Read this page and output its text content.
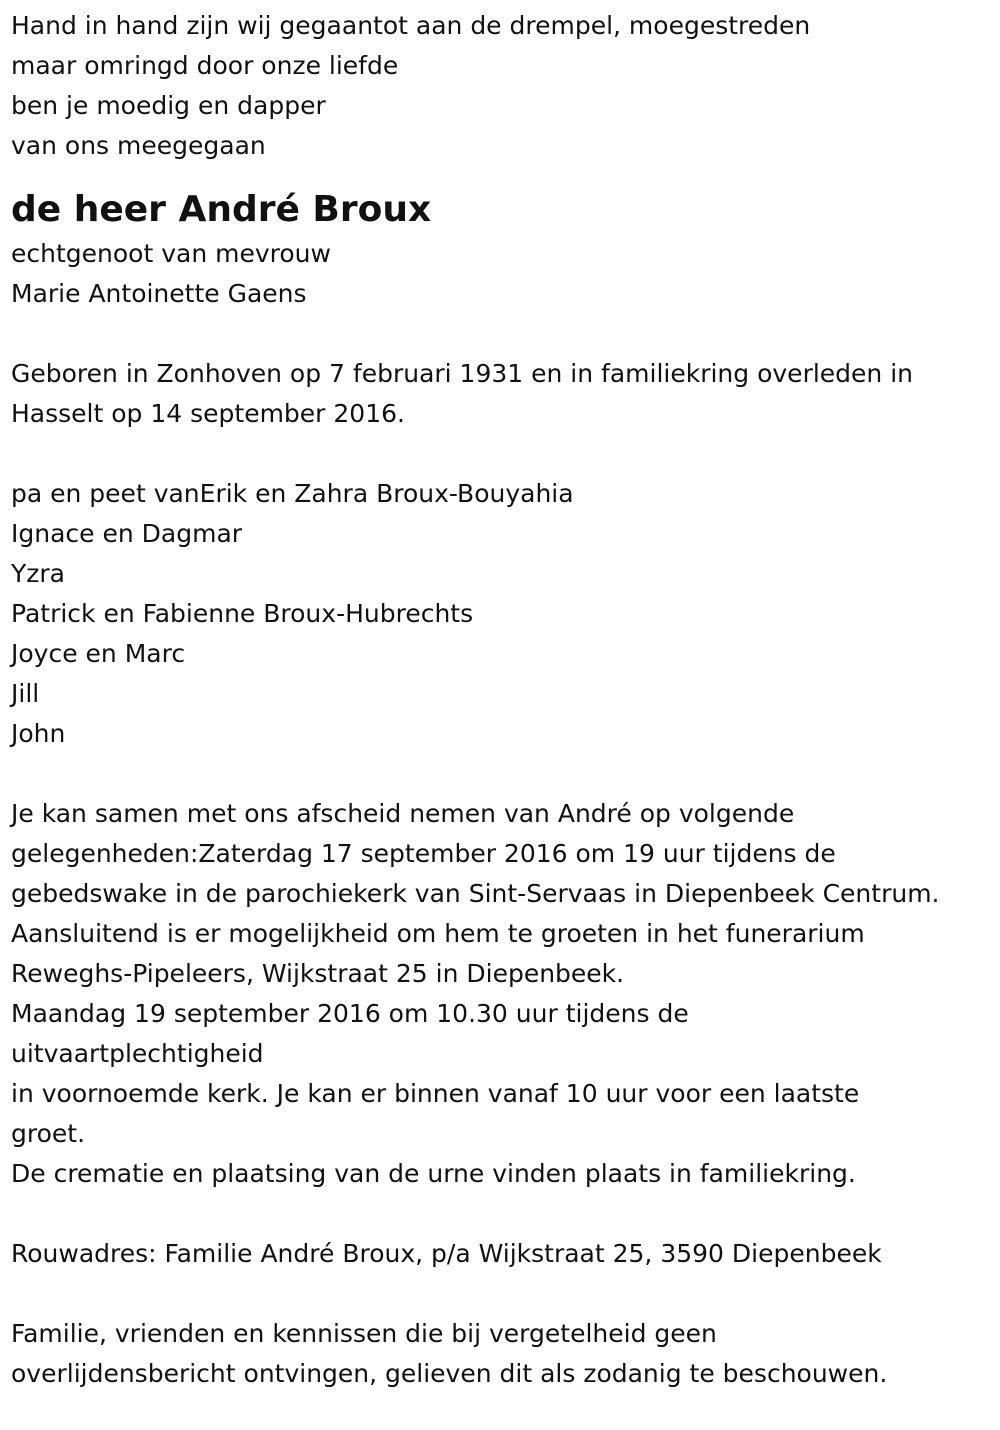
Hand in hand zijn wij gegaantot aan de drempel, moegestreden
maar omringd door onze liefde
ben je moedig en dapper
van ons meegegaan
de heer André Broux
echtgenoot van mevrouw
Marie Antoinette Gaens
Geboren in Zonhoven op 7 februari 1931 en in familiekring overleden in
Hasselt op 14 september 2016.
pa en peet vanErik en Zahra Broux-Bouyahia
Ignace en Dagmar
Yzra
Patrick en Fabienne Broux-Hubrechts
Joyce en Marc
Jill
John
Je kan samen met ons afscheid nemen van André op volgende
gelegenheden:Zaterdag 17 september 2016 om 19 uur tijdens de
gebedswake in de parochiekerk van Sint-Servaas in Diepenbeek Centrum.
Aansluitend is er mogelijkheid om hem te groeten in het funerarium
Reweghs-Pipeleers, Wijkstraat 25 in Diepenbeek.
Maandag 19 september 2016 om 10.30 uur tijdens de
uitvaartplechtigheid
in voornoemde kerk. Je kan er binnen vanaf 10 uur voor een laatste
groet.
De crematie en plaatsing van de urne vinden plaats in familiekring.
Rouwadres: Familie André Broux, p/a Wijkstraat 25, 3590 Diepenbeek
Familie, vrienden en kennissen die bij vergetelheid geen
overlijdensbericht ontvingen, gelieven dit als zodanig te beschouwen.
